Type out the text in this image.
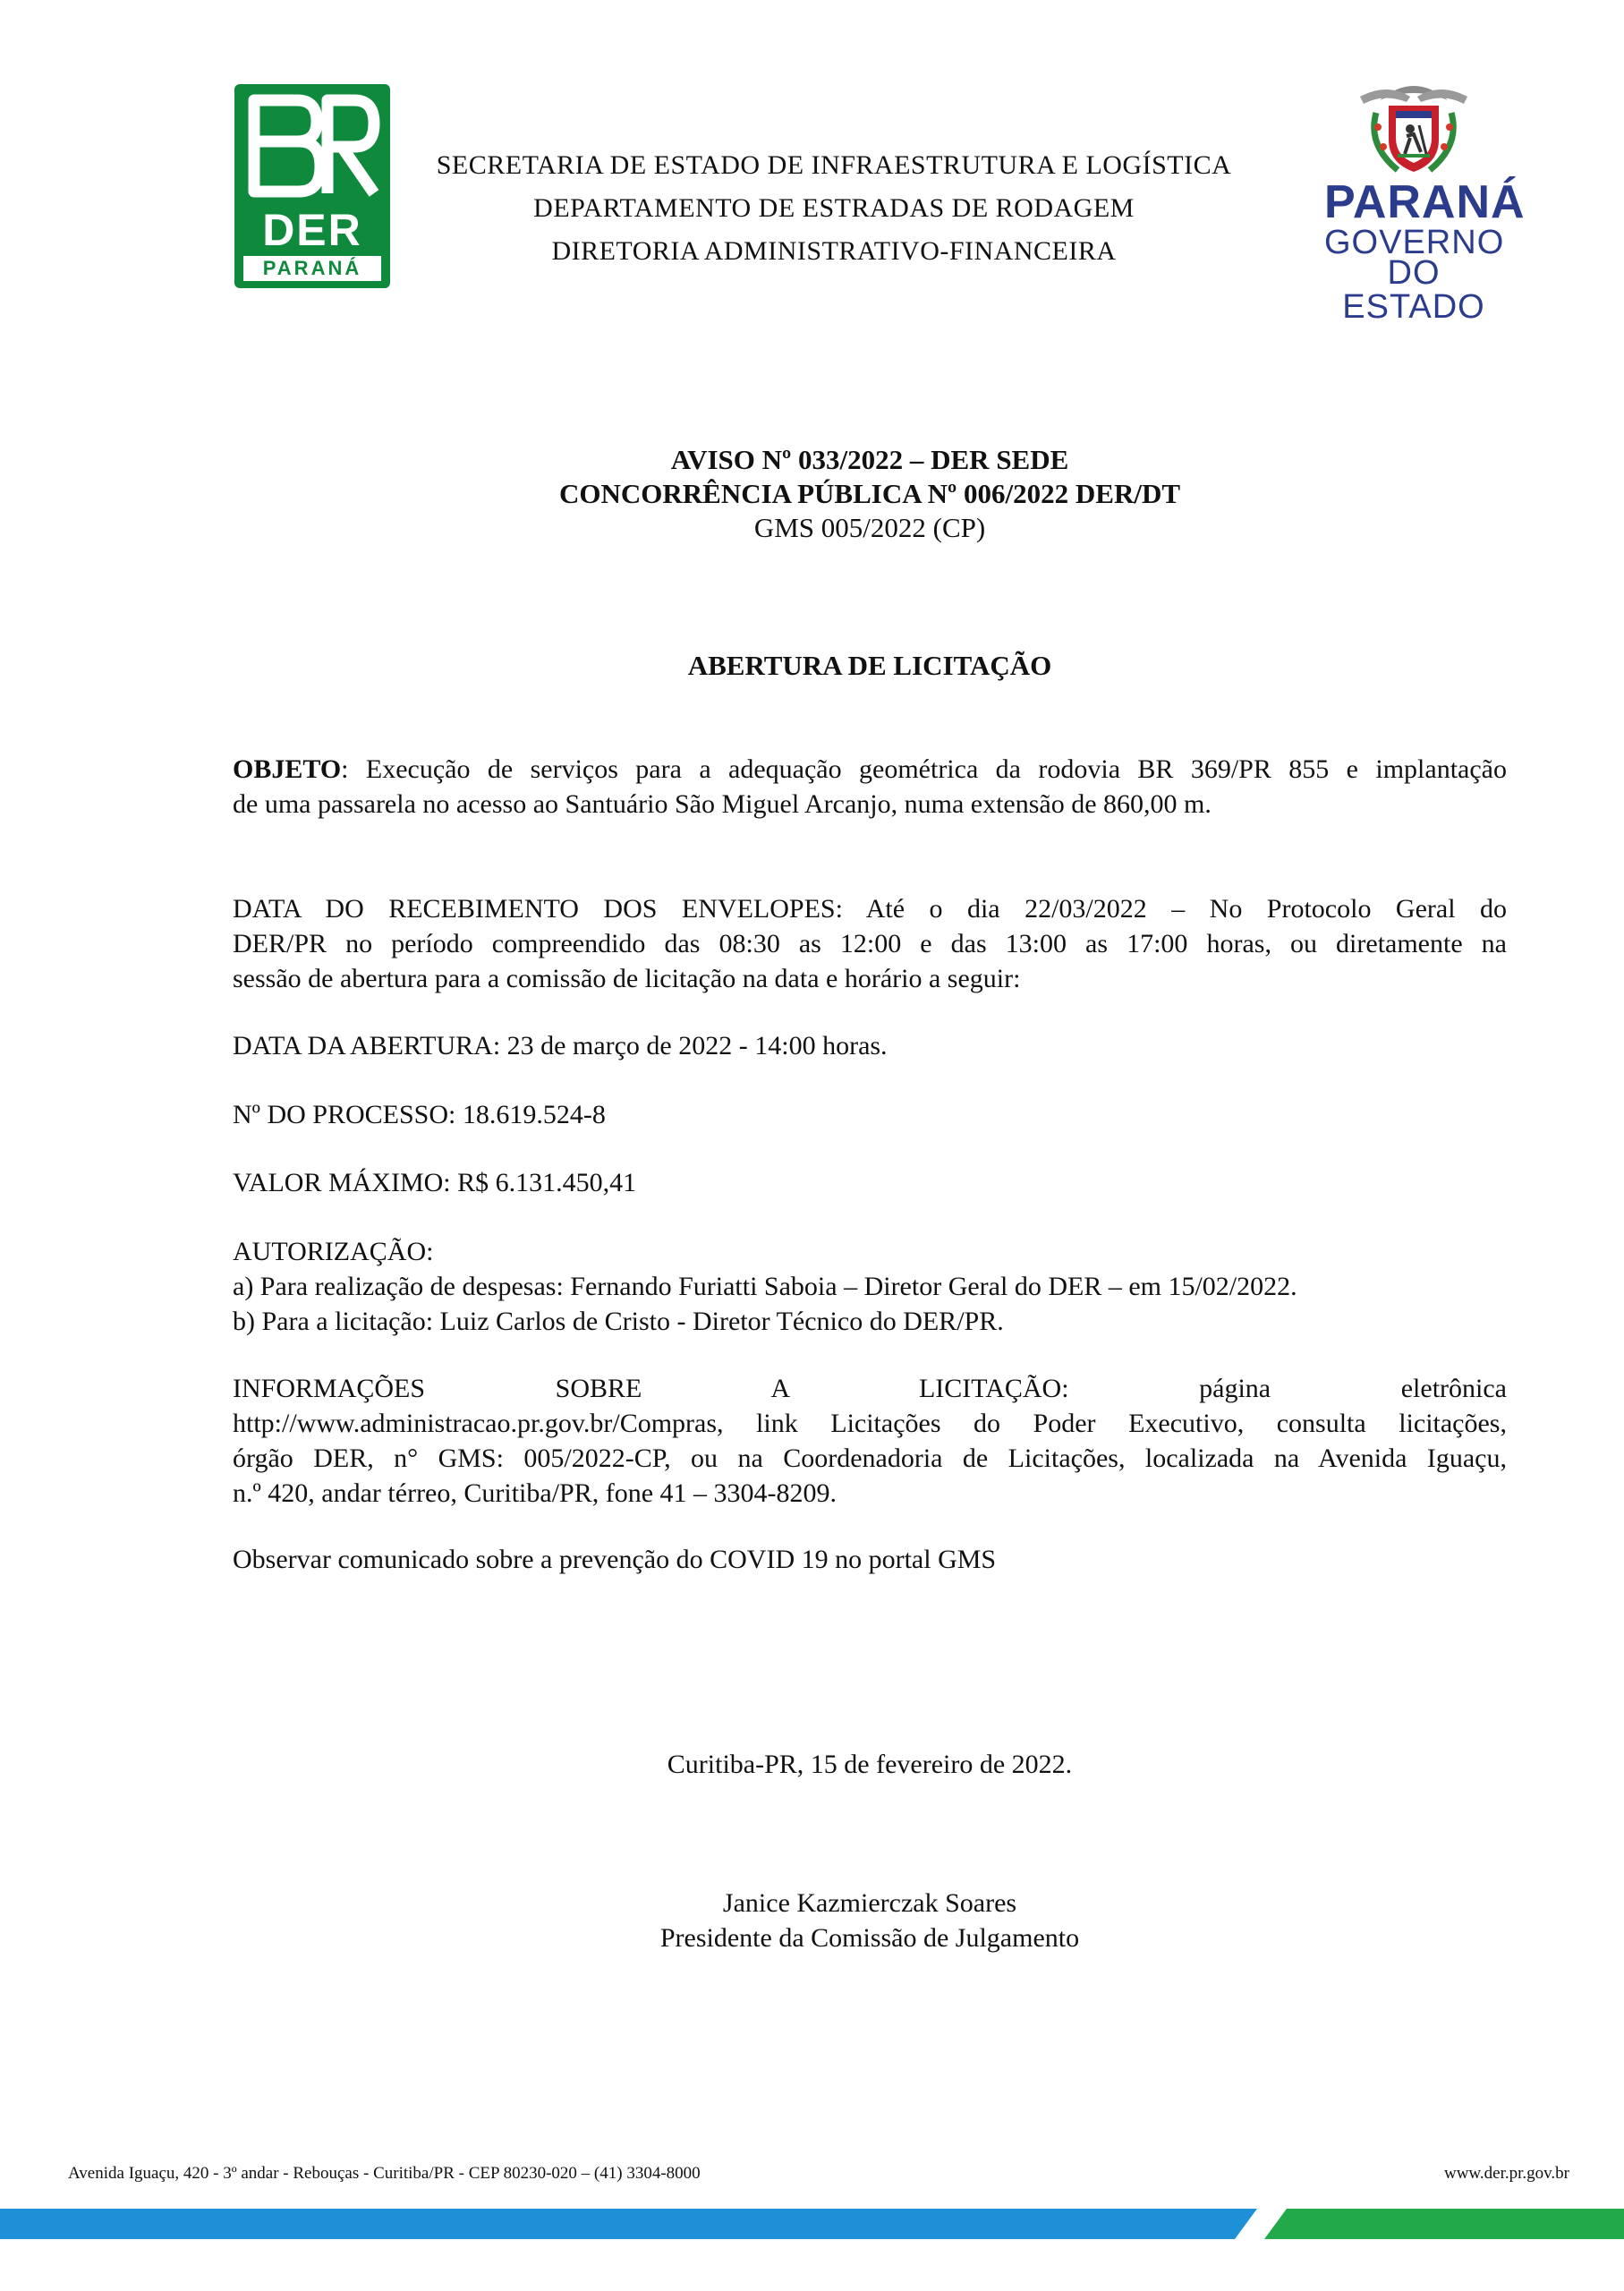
DER
PARANÁ
SECRETARIA DE ESTADO DE INFRAESTRUTURA E LOGÍSTICA
DEPARTAMENTO DE ESTRADAS DE RODAGEM
DIRETORIA ADMINISTRATIVO-FINANCEIRA
PARANÁ
GOVERNO
DO ESTADO
AVISO Nº 033/2022 – DER SEDE
CONCORRÊNCIA PÚBLICA Nº 006/2022 DER/DT
GMS 005/2022 (CP)
ABERTURA DE LICITAÇÃO
OBJETO: Execução de serviços para a adequação geométrica da rodovia BR 369/PR 855 e implantação
de uma passarela no acesso ao Santuário São Miguel Arcanjo, numa extensão de 860,00 m.
DATA DO RECEBIMENTO DOS ENVELOPES: Até o dia 22/03/2022 – No Protocolo Geral do
DER/PR no período compreendido das 08:30 as 12:00 e das 13:00 as 17:00 horas, ou diretamente na
sessão de abertura para a comissão de licitação na data e horário a seguir:
DATA DA ABERTURA: 23 de março de 2022 - 14:00 horas.
Nº DO PROCESSO: 18.619.524-8
VALOR MÁXIMO: R$ 6.131.450,41
AUTORIZAÇÃO:
a) Para realização de despesas: Fernando Furiatti Saboia – Diretor Geral do DER – em 15/02/2022.
b) Para a licitação: Luiz Carlos de Cristo - Diretor Técnico do DER/PR.
INFORMAÇÕES SOBRE A LICITAÇÃO: página eletrônica
http://www.administracao.pr.gov.br/Compras, link Licitações do Poder Executivo, consulta licitações,
órgão DER, n° GMS: 005/2022-CP, ou na Coordenadoria de Licitações, localizada na Avenida Iguaçu,
n.º 420, andar térreo, Curitiba/PR, fone 41 – 3304-8209.
Observar comunicado sobre a prevenção do COVID 19 no portal GMS
Curitiba-PR, 15 de fevereiro de 2022.
Janice Kazmierczak Soares
Presidente da Comissão de Julgamento
Avenida Iguaçu, 420 - 3º andar - Rebouças - Curitiba/PR - CEP 80230-020 – (41) 3304-8000	www.der.pr.gov.br
